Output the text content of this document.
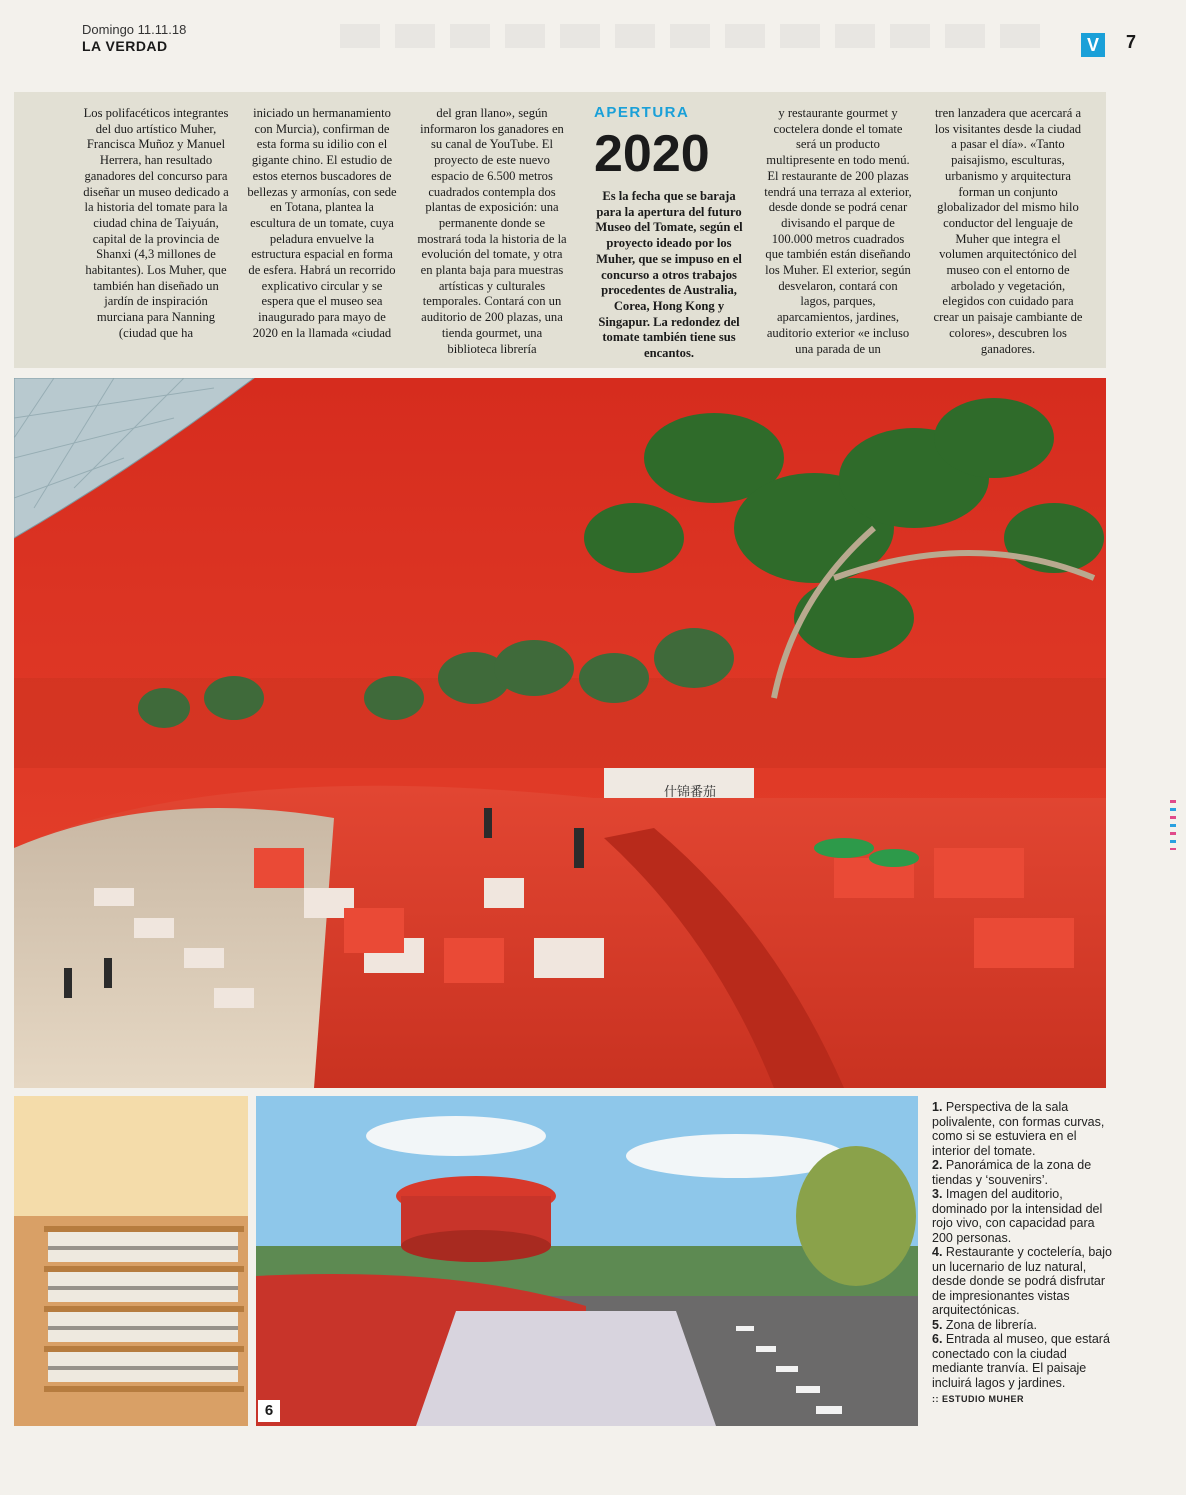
Domingo 11.11.18
LA VERDAD	V	7
Los polifacéticos integrantes del duo artístico Muher, Francisca Muñoz y Manuel Herrera, han resultado ganadores del concurso para diseñar un museo dedicado a la historia del tomate para la ciudad china de Taiyuán, capital de la provincia de Shanxi (4,3 millones de habitantes). Los Muher, que también han diseñado un jardín de inspiración murciana para Nanning (ciudad que ha
iniciado un hermanamiento con Murcia), confirman de esta forma su idilio con el gigante chino. El estudio de estos eternos buscadores de bellezas y armonías, con sede en Totana, plantea la escultura de un tomate, cuya peladura envuelve la estructura espacial en forma de esfera. Habrá un recorrido explicativo circular y se espera que el museo sea inaugurado para mayo de 2020 en la llamada «ciudad
del gran llano», según informaron los ganadores en su canal de YouTube. El proyecto de este nuevo espacio de 6.500 metros cuadrados contempla dos plantas de exposición: una permanente donde se mostrará toda la historia de la evolución del tomate, y otra en planta baja para muestras artísticas y culturales temporales. Contará con un auditorio de 200 plazas, una tienda gourmet, una biblioteca librería
APERTURA
2020
Es la fecha que se baraja para la apertura del futuro Museo del Tomate, según el proyecto ideado por los Muher, que se impuso en el concurso a otros trabajos procedentes de Australia, Corea, Hong Kong y Singapur. La redondez del tomate también tiene sus encantos.
y restaurante gourmet y coctelera donde el tomate será un producto multipresente en todo menú. El restaurante de 200 plazas tendrá una terraza al exterior, desde donde se podrá cenar divisando el parque de 100.000 metros cuadrados que también están diseñando los Muher. El exterior, según desvelaron, contará con lagos, parques, aparcamientos, jardines, auditorio exterior «e incluso una parada de un
tren lanzadera que acercará a los visitantes desde la ciudad a pasar el día». «Tanto paisajismo, esculturas, urbanismo y arquitectura forman un conjunto globalizador del mismo hilo conductor del lenguaje de Muher que integra el volumen arquitectónico del museo con el entorno de arbolado y vegetación, elegidos con cuidado para crear un paisaje cambiante de colores», descubren los ganadores.
什锦番茄
6

1. Perspectiva de la sala polivalente, con formas curvas, como si se estuviera en el interior del tomate.

2. Panorámica de la zona de tiendas y ‘souvenirs’.

3. Imagen del auditorio, dominado por la intensidad del rojo vivo, con capacidad para 200 personas.

4. Restaurante y coctelería, bajo un lucernario de luz natural, desde donde se podrá disfrutar de impresionantes vistas arquitectónicas.

5. Zona de librería.

6. Entrada al museo, que estará conectado con la ciudad mediante tranvía. El paisaje incluirá lagos y jardines.

:: ESTUDIO MUHER
